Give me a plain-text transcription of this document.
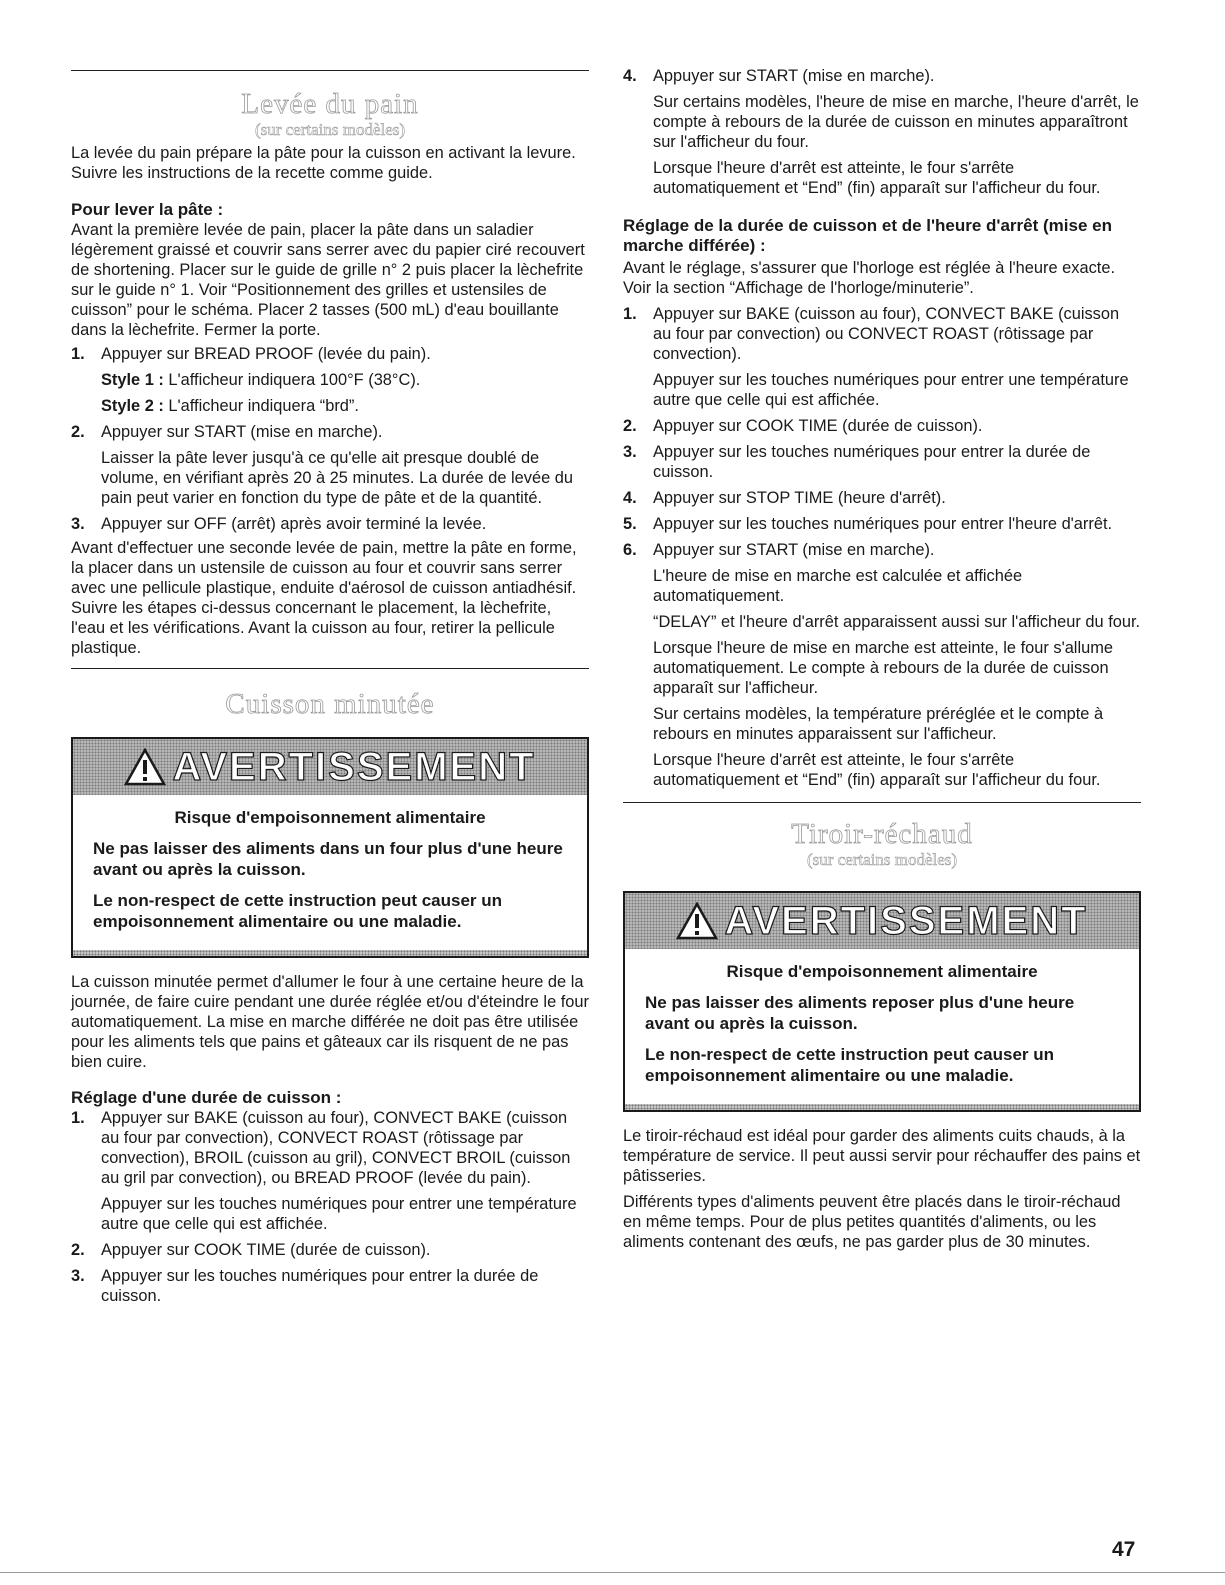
Levée du pain
(sur certains modèles)

La levée du pain prépare la pâte pour la cuisson en activant la levure. Suivre les instructions de la recette comme guide.

Pour lever la pâte :

Avant la première levée de pain, placer la pâte dans un saladier légèrement graissé et couvrir sans serrer avec du papier ciré recouvert de shortening. Placer sur le guide de grille n° 2 puis placer la lèchefrite sur le guide n° 1. Voir “Positionnement des grilles et ustensiles de cuisson” pour le schéma. Placer 2 tasses (500 mL) d'eau bouillante dans la lèchefrite. Fermer la porte.

1. Appuyer sur BREAD PROOF (levée du pain).

Style 1 : L'afficheur indiquera 100°F (38°C).

Style 2 : L'afficheur indiquera “brd”.

2. Appuyer sur START (mise en marche).

Laisser la pâte lever jusqu'à ce qu'elle ait presque doublé de volume, en vérifiant après 20 à 25 minutes. La durée de levée du pain peut varier en fonction du type de pâte et de la quantité.

3. Appuyer sur OFF (arrêt) après avoir terminé la levée.

Avant d'effectuer une seconde levée de pain, mettre la pâte en forme, la placer dans un ustensile de cuisson au four et couvrir sans serrer avec une pellicule plastique, enduite d'aérosol de cuisson antiadhésif. Suivre les étapes ci-dessus concernant le placement, la lèchefrite, l'eau et les vérifications. Avant la cuisson au four, retirer la pellicule plastique.

Cuisson minutée
AVERTISSEMENT
Risque d'empoisonnement alimentaire
Ne pas laisser des aliments dans un four plus d'une heure avant ou après la cuisson.
Le non-respect de cette instruction peut causer un empoisonnement alimentaire ou une maladie.

La cuisson minutée permet d'allumer le four à une certaine heure de la journée, de faire cuire pendant une durée réglée et/ou d'éteindre le four automatiquement. La mise en marche différée ne doit pas être utilisée pour les aliments tels que pains et gâteaux car ils risquent de ne pas bien cuire.

Réglage d'une durée de cuisson :
1. Appuyer sur BAKE (cuisson au four), CONVECT BAKE (cuisson au four par convection), CONVECT ROAST (rôtissage par convection), BROIL (cuisson au gril), CONVECT BROIL (cuisson au gril par convection), ou BREAD PROOF (levée du pain).

Appuyer sur les touches numériques pour entrer une température autre que celle qui est affichée.

2. Appuyer sur COOK TIME (durée de cuisson).

3. Appuyer sur les touches numériques pour entrer la durée de cuisson.

4. Appuyer sur START (mise en marche).

Sur certains modèles, l'heure de mise en marche, l'heure d'arrêt, le compte à rebours de la durée de cuisson en minutes apparaîtront sur l'afficheur du four.

Lorsque l'heure d'arrêt est atteinte, le four s'arrête automatiquement et “End” (fin) apparaît sur l'afficheur du four.

Réglage de la durée de cuisson et de l'heure d'arrêt (mise en marche différée) :

Avant le réglage, s'assurer que l'horloge est réglée à l'heure exacte. Voir la section “Affichage de l'horloge/minuterie”.

1. Appuyer sur BAKE (cuisson au four), CONVECT BAKE (cuisson au four par convection) ou CONVECT ROAST (rôtissage par convection).

Appuyer sur les touches numériques pour entrer une température autre que celle qui est affichée.

2. Appuyer sur COOK TIME (durée de cuisson).

3. Appuyer sur les touches numériques pour entrer la durée de cuisson.

4. Appuyer sur STOP TIME (heure d'arrêt).

5. Appuyer sur les touches numériques pour entrer l'heure d'arrêt.

6. Appuyer sur START (mise en marche).

L'heure de mise en marche est calculée et affichée automatiquement.

“DELAY” et l'heure d'arrêt apparaissent aussi sur l'afficheur du four.

Lorsque l'heure de mise en marche est atteinte, le four s'allume automatiquement. Le compte à rebours de la durée de cuisson apparaît sur l'afficheur.

Sur certains modèles, la température préréglée et le compte à rebours en minutes apparaissent sur l'afficheur.

Lorsque l'heure d'arrêt est atteinte, le four s'arrête automatiquement et “End” (fin) apparaît sur l'afficheur du four.

Tiroir-réchaud
(sur certains modèles)
AVERTISSEMENT
Risque d'empoisonnement alimentaire
Ne pas laisser des aliments reposer plus d'une heure avant ou après la cuisson.
Le non-respect de cette instruction peut causer un empoisonnement alimentaire ou une maladie.

Le tiroir-réchaud est idéal pour garder des aliments cuits chauds, à la température de service. Il peut aussi servir pour réchauffer des pains et pâtisseries.

Différents types d'aliments peuvent être placés dans le tiroir-réchaud en même temps. Pour de plus petites quantités d'aliments, ou les aliments contenant des œufs, ne pas garder plus de 30 minutes.

47
